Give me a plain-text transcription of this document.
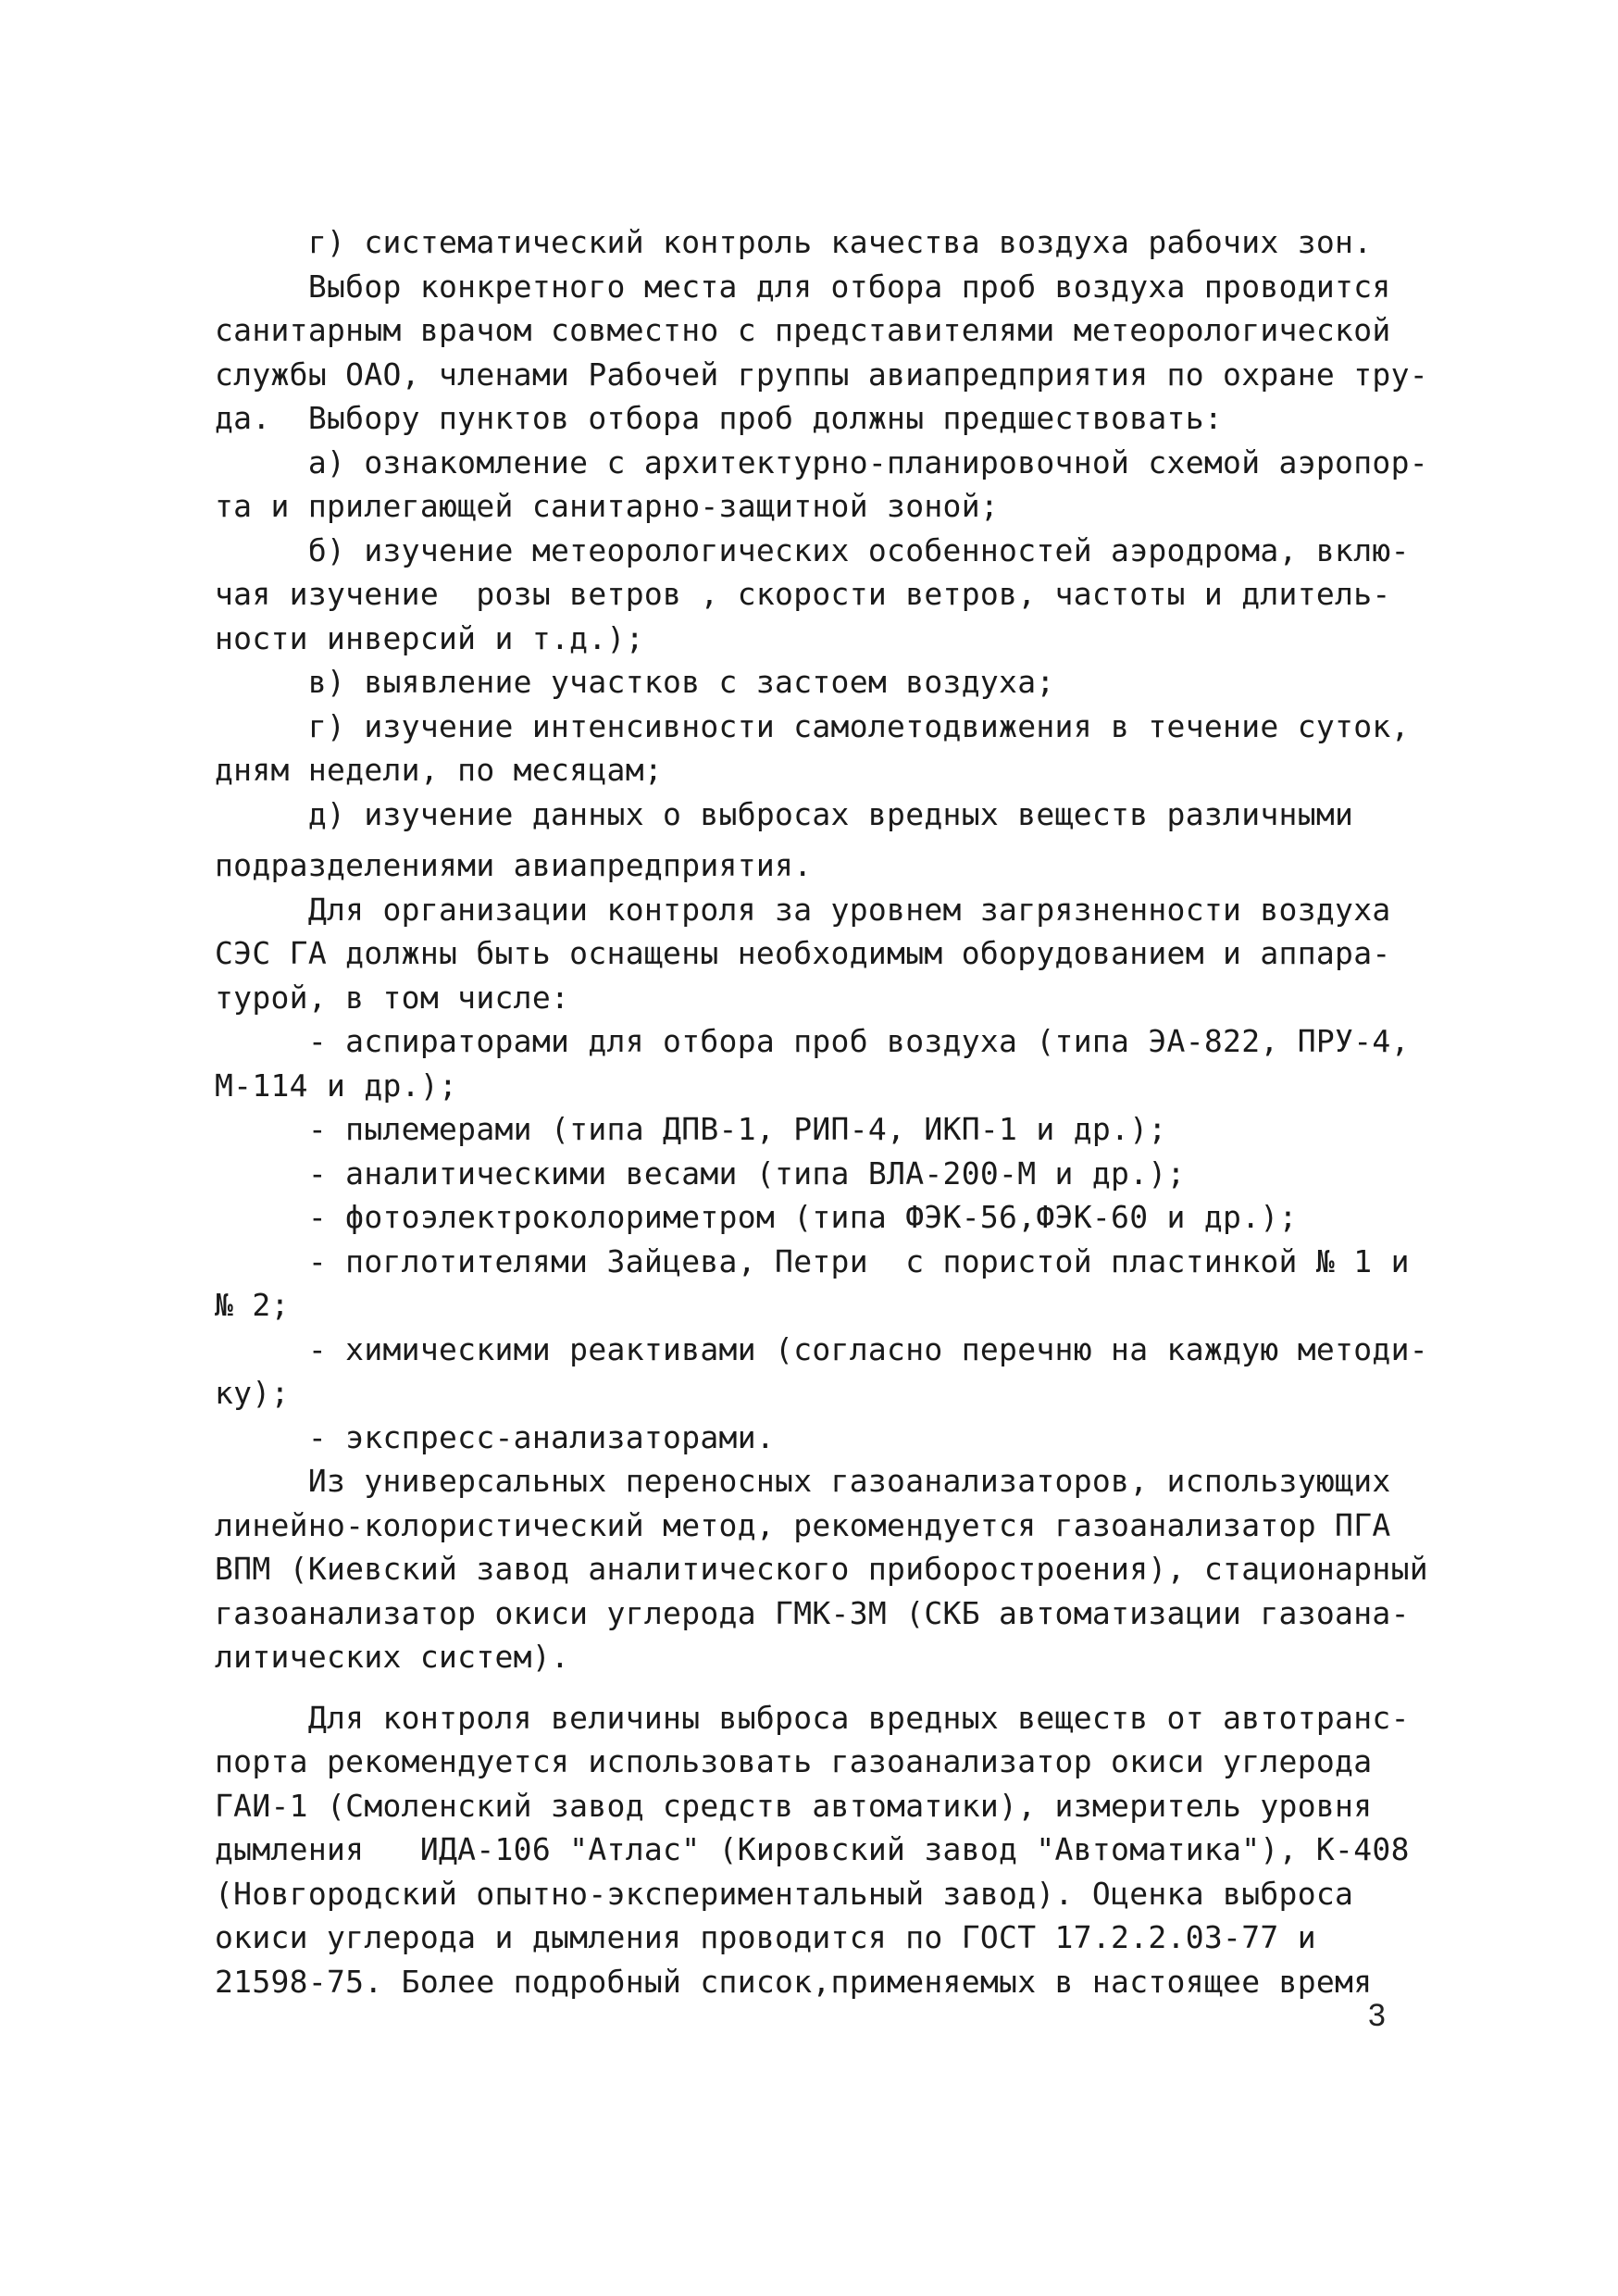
г) систематический контроль качества воздуха рабочих зон.
Выбор конкретного места для отбора проб воздуха проводится
санитарным врачом совместно с представителями метеорологической
службы ОАО, членами Рабочей группы авиапредприятия по охране тру-
да.  Выбору пунктов отбора проб должны предшествовать:
а) ознакомление с архитектурно-планировочной схемой аэропор-
та и прилегающей санитарно-защитной зоной;
б) изучение метеорологических особенностей аэродрома, вклю-
чая изучение  розы ветров , скорости ветров, частоты и длитель-
ности инверсий и т.д.);
в) выявление участков с застоем воздуха;
г) изучение интенсивности самолетодвижения в течение суток,
дням недели, по месяцам;
д) изучение данных о выбросах вредных веществ различными
подразделениями авиапредприятия.
Для организации контроля за уровнем загрязненности воздуха
СЭС ГА должны быть оснащены необходимым оборудованием и аппара-
турой, в том числе:
- аспираторами для отбора проб воздуха (типа ЭА-822, ПРУ-4,
М-114 и др.);
- пылемерами (типа ДПВ-1, РИП-4, ИКП-1 и др.);
- аналитическими весами (типа ВЛА-200-М и др.);
- фотоэлектроколориметром (типа ФЭК-56,ФЭК-60 и др.);
- поглотителями Зайцева, Петри  с пористой пластинкой № 1 и
№ 2;
- химическими реактивами (согласно перечню на каждую методи-
ку);
- экспресс-анализаторами.
Из универсальных переносных газоанализаторов, использующих
линейно-колористический метод, рекомендуется газоанализатор ПГА
ВПМ (Киевский завод аналитического приборостроения), стационарный
газоанализатор окиси углерода ГМК-3М (СКБ автоматизации газоана-
литических систем).
Для контроля величины выброса вредных веществ от автотранс-
порта рекомендуется использовать газоанализатор окиси углерода
ГАИ-1 (Смоленский завод средств автоматики), измеритель уровня
дымления   ИДА-106 "Атлас" (Кировский завод "Автоматика"), К-408
(Новгородский опытно-экспериментальный завод). Оценка выброса
окиси углерода и дымления проводится по ГОСТ 17.2.2.03-77 и
21598-75. Более подробный список,применяемых в настоящее время
3
